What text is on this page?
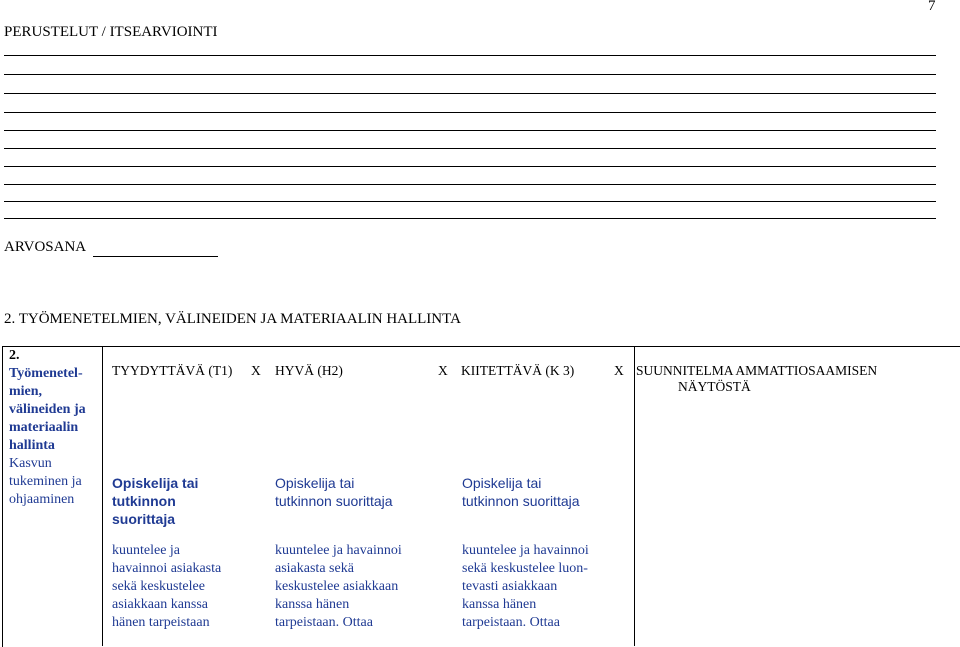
7
PERUSTELUT / ITSEARVIOINTI
ARVOSANA
2. TYÖMENETELMIEN, VÄLINEIDEN JA MATERIAALIN HALLINTA
2.
Työmenetel-
mien,
välineiden ja
materiaalin
hallinta
Kasvun
tukeminen ja
ohjaaminen
TYYDYTTÄVÄ (T1) X HYVÄ (H2)	X KIITETTÄVÄ (K 3)	X SUUNNITELMA AMMATTIOSAAMISEN
NÄYTÖSTÄ
Opiskelija tai
tutkinnon
suorittaja
Opiskelija tai
tutkinnon suorittaja
Opiskelija tai
tutkinnon suorittaja
kuuntelee ja
havainnoi asiakasta
sekä keskustelee
asiakkaan kanssa
hänen tarpeistaan
kuuntelee ja havainnoi
asiakasta sekä
keskustelee asiakkaan
kanssa hänen
tarpeistaan. Ottaa
kuuntelee ja havainnoi
sekä keskustelee luon-
tevasti asiakkaan
kanssa hänen
tarpeistaan. Ottaa
